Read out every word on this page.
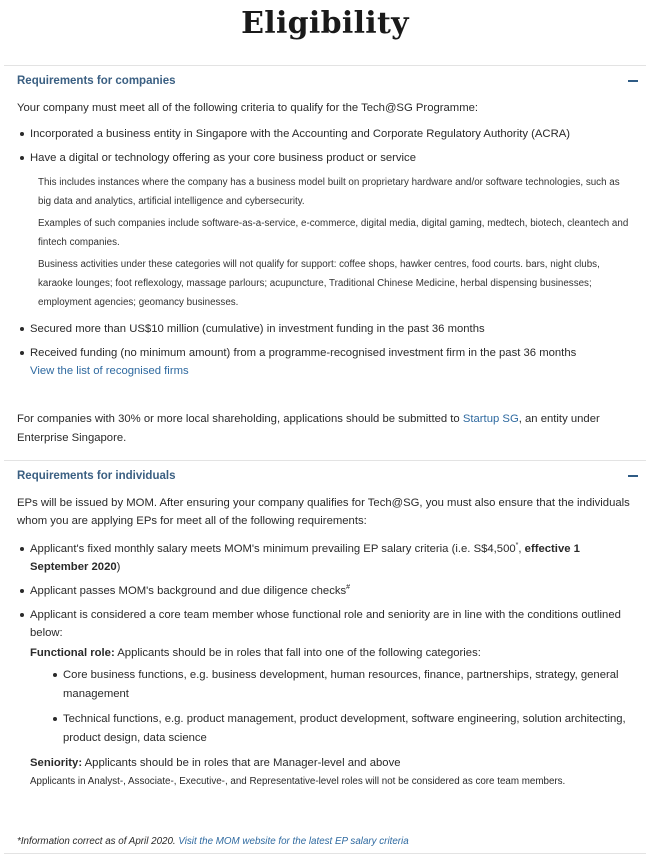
Eligibility
Requirements for companies

Your company must meet all of the following criteria to qualify for the Tech@SG Programme:

Incorporated a business entity in Singapore with the Accounting and Corporate Regulatory Authority (ACRA)
Have a digital or technology offering as your core business product or service

This includes instances where the company has a business model built on proprietary hardware and/or software technologies, such as big data and analytics, artificial intelligence and cybersecurity.

Examples of such companies include software-as-a-service, e-commerce, digital media, digital gaming, medtech, biotech, cleantech and fintech companies.

Business activities under these categories will not qualify for support: coffee shops, hawker centres, food courts. bars, night clubs, karaoke lounges; foot reflexology, massage parlours; acupuncture, Traditional Chinese Medicine, herbal dispensing businesses; employment agencies; geomancy businesses.

Secured more than US$10 million (cumulative) in investment funding in the past 36 months
Received funding (no minimum amount) from a programme-recognised investment firm in the past 36 months
View the list of recognised firms

For companies with 30% or more local shareholding, applications should be submitted to Startup SG, an entity under Enterprise Singapore.

Requirements for individuals

EPs will be issued by MOM. After ensuring your company qualifies for Tech@SG, you must also ensure that the individuals whom you are applying EPs for meet all of the following requirements:

Applicant's fixed monthly salary meets MOM's minimum prevailing EP salary criteria (i.e. S$4,500*, effective 1 September 2020)
Applicant passes MOM's background and due diligence checks#
Applicant is considered a core team member whose functional role and seniority are in line with the conditions outlined below:

Functional role: Applicants should be in roles that fall into one of the following categories:

Core business functions, e.g. business development, human resources, finance, partnerships, strategy, general management
Technical functions, e.g. product management, product development, software engineering, solution architecting, product design, data science

Seniority: Applicants should be in roles that are Manager-level and above

Applicants in Analyst-, Associate-, Executive-, and Representative-level roles will not be considered as core team members.

*Information correct as of April 2020. Visit the MOM website for the latest EP salary criteria
